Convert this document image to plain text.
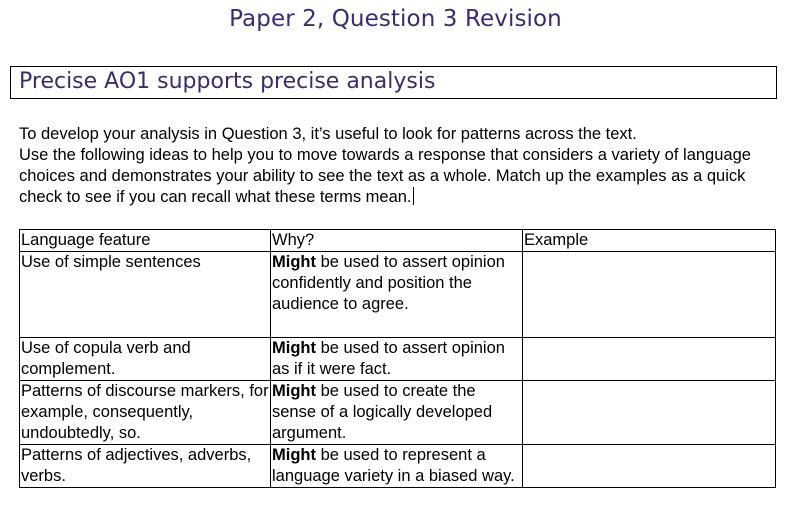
Paper 2, Question 3 Revision
Precise AO1 supports precise analysis

To develop your analysis in Question 3, it’s useful to look for patterns across the text.

Use the following ideas to help you to move towards a response that considers a variety of language choices and demonstrates your ability to see the text as a whole. Match up the examples as a quick check to see if you can recall what these terms mean.

Language feature	Why?	Example
Use of simple sentences	Might be used to assert opinion confidently and position the audience to agree.	
Use of copula verb and complement.	Might be used to assert opinion as if it were fact.	
Patterns of discourse markers, for example, consequently, undoubtedly, so.	Might be used to create the sense of a logically developed argument.	
Patterns of adjectives, adverbs, verbs.	Might be used to represent a language variety in a biased way.	
